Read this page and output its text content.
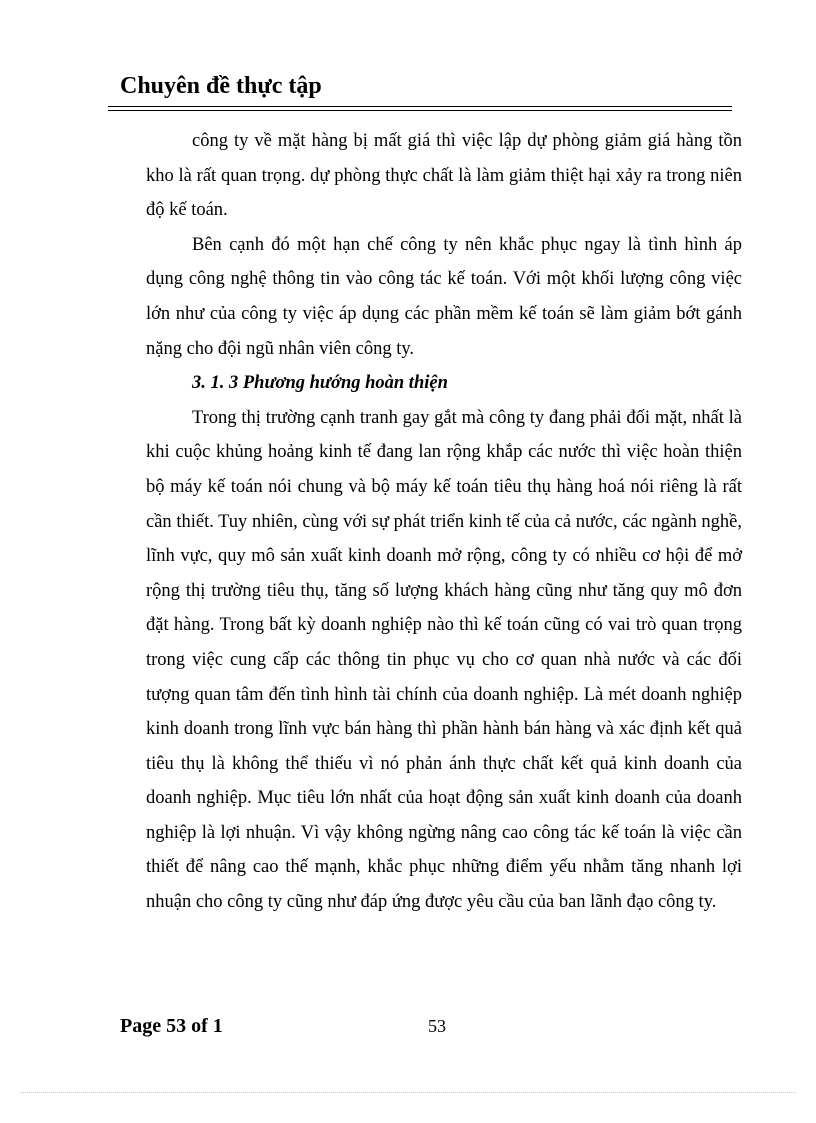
Chuyên đề thực tập

công ty về mặt hàng bị mất giá thì việc lập dự phòng giảm giá hàng tồn kho là rất quan trọng. dự phòng thực chất là làm giảm thiệt hại xảy ra trong niên độ kế toán.

Bên cạnh đó một hạn chế công ty nên khắc phục ngay là tình hình áp dụng công nghệ thông tin vào công tác kế toán. Với một khối lượng công việc lớn như của công ty việc áp dụng các phần mềm kế toán sẽ làm giảm bớt gánh nặng cho đội ngũ nhân viên công ty.

3. 1. 3 Phương hướng hoàn thiện

Trong thị trường cạnh tranh gay gắt mà công ty đang phải đối mặt, nhất là khi cuộc khủng hoảng kinh tế đang lan rộng khắp các nước thì việc hoàn thiện bộ máy kế toán nói chung và bộ máy kế toán tiêu thụ hàng hoá nói riêng là rất cần thiết. Tuy nhiên, cùng với sự phát triển kinh tế của cả nước, các ngành nghề, lĩnh vực, quy mô sản xuất kinh doanh mở rộng, công ty có nhiều cơ hội để mở rộng thị trường tiêu thụ, tăng số lượng khách hàng cũng như tăng quy mô đơn đặt hàng. Trong bất kỳ doanh nghiệp nào thì kế toán cũng có vai trò quan trọng trong việc cung cấp các thông tin phục vụ cho cơ quan nhà nước và các đối tượng quan tâm đến tình hình tài chính của doanh nghiệp. Là mét doanh nghiệp kinh doanh trong lĩnh vực bán hàng thì phần hành bán hàng và xác định kết quả tiêu thụ là không thể thiếu vì nó phản ánh thực chất kết quả kinh doanh của doanh nghiệp. Mục tiêu lớn nhất của hoạt động sản xuất kinh doanh của doanh nghiệp là lợi nhuận. Vì vậy không ngừng nâng cao công tác kế toán là việc cần thiết để nâng cao thế mạnh, khắc phục những điểm yếu nhằm tăng nhanh lợi nhuận cho công ty cũng như đáp ứng được yêu cầu của ban lãnh đạo công ty.

Page 53 of 1	53
